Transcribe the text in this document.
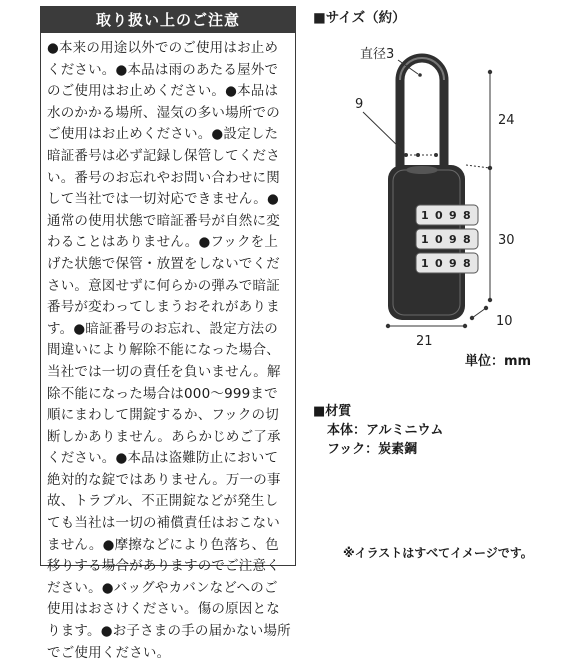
取り扱い上のご注意
●本来の用途以外でのご使用はお止めください。●本品は雨のあたる屋外でのご使用はお止めください。●本品は水のかかる場所、湿気の多い場所でのご使用はお止めください。●設定した暗証番号は必ず記録し保管してください。番号のお忘れやお問い合わせに関して当社では一切対応できません。●通常の使用状態で暗証番号が自然に変わることはありません。●フックを上げた状態で保管・放置をしないでください。意図せずに何らかの弾みで暗証番号が変わってしまうおそれがあります。●暗証番号のお忘れ、設定方法の間違いにより解除不能になった場合、当社では一切の責任を負いません。解除不能になった場合は000～999まで順にまわして開錠するか、フックの切断しかありません。あらかじめご了承ください。●本品は盗難防止において絶対的な錠ではありません。万一の事故、トラブル、不正開錠などが発生しても当社は一切の補償責任はおこないません。●摩擦などにより色落ち、色移りする場合がありますのでご注意ください。●バッグやカバンなどへのご使用はおさけください。傷の原因となります。●お子さまの手の届かない場所でご使用ください。
■サイズ（約）
1 0 9 8
1 0 9 8
1 0 9 8
直径3
9
24
30
10
21
単位：mm
■材質
本体：アルミニウム
フック：炭素鋼
※イラストはすべてイメージです。
